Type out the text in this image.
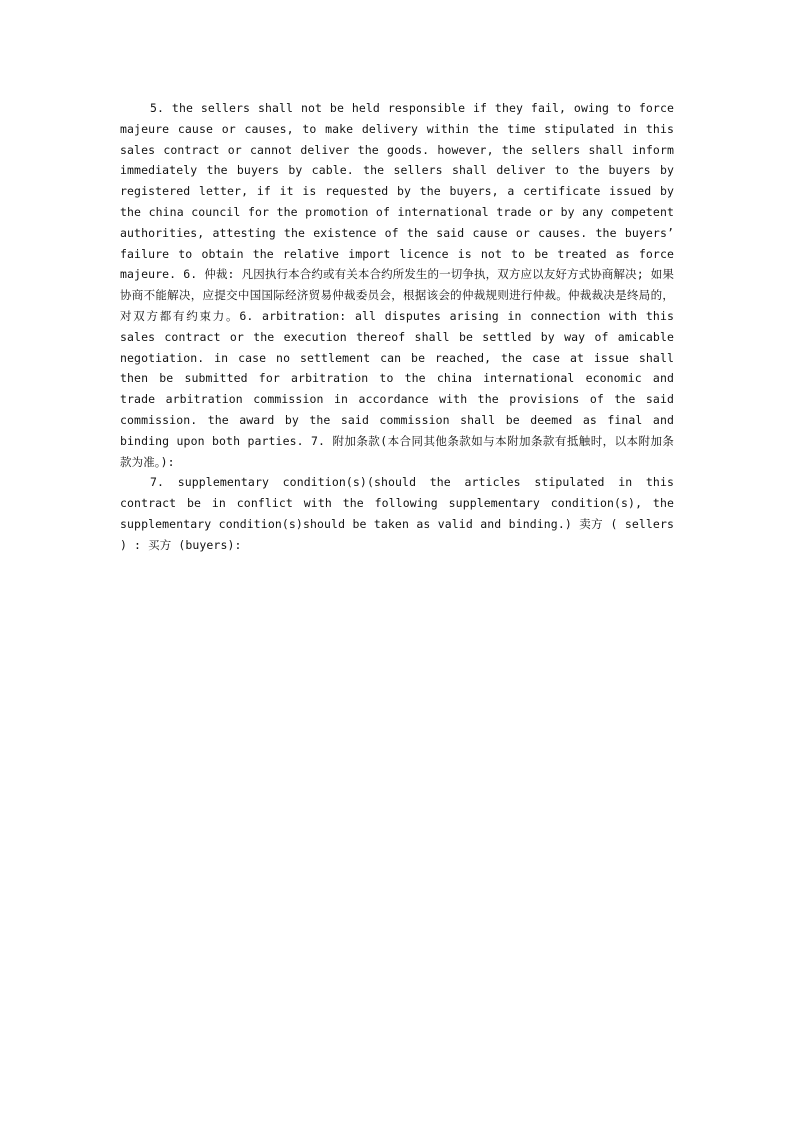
5. the sellers shall not be held responsible if they fail, owing to force majeure cause or causes, to make delivery within the time stipulated in this sales contract or cannot deliver the goods. however, the sellers shall inform immediately the buyers by cable. the sellers shall deliver to the buyers by registered letter, if it is requested by the buyers, a certificate issued by the china council for the promotion of international trade or by any competent authorities, attesting the existence of the said cause or causes. the buyers’ failure to obtain the relative import licence is not to be treated as force majeure. 6. 仲裁: 凡因执行本合约或有关本合约所发生的一切争执，双方应以友好方式协商解决; 如果协商不能解决，应提交中国国际经济贸易仲裁委员会，根据该会的仲裁规则进行仲裁。仲裁裁决是终局的，对双方都有约束力。6. arbitration: all disputes arising in connection with this sales contract or the execution thereof shall be settled by way of amicable negotiation. in case no settlement can be reached, the case at issue shall then be submitted for arbitration to the china international economic and trade arbitration commission in accordance with the provisions of the said commission. the award by the said commission shall be deemed as final and binding upon both parties. 7. 附加条款(本合同其他条款如与本附加条款有抵触时，以本附加条款为准。):

7. supplementary condition(s)(should the articles stipulated in this contract be in conflict with the following supplementary condition(s), the supplementary condition(s)should be taken as valid and binding.) 卖方 ( sellers ) : 买方 (buyers):
